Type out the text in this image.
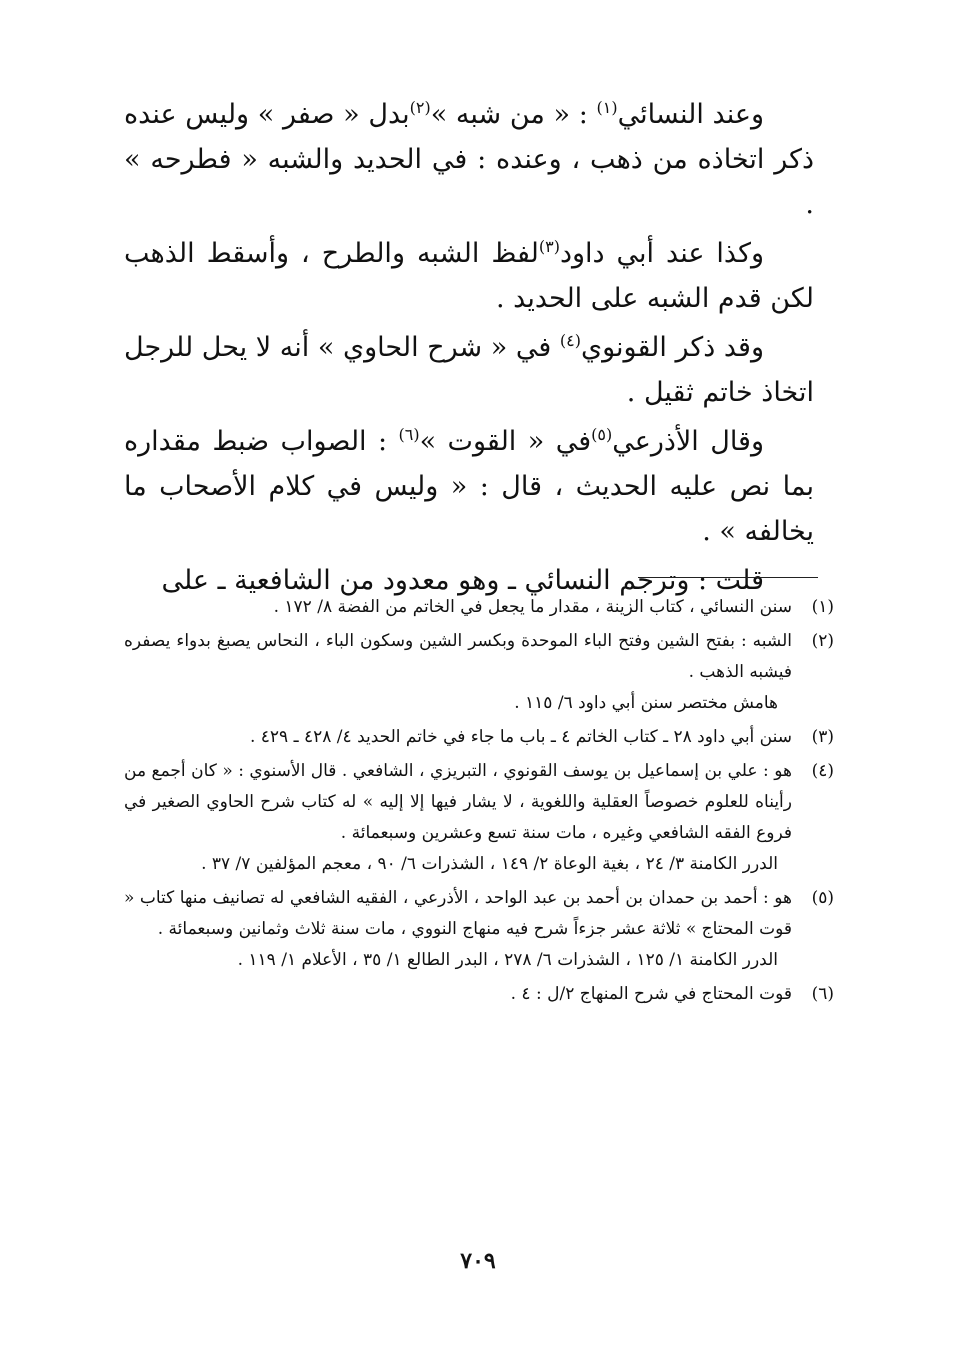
وعند النسائي$^{(١)}$ : « من شبه »$^{(٢)}$بدل « صفر » وليس عنده ذكر اتخاذه من ذهب ، وعنده : في الحديد والشبه « فطرحه » .

وكذا عند أبي داود$^{(٣)}$لفظ الشبه والطرح ، وأسقط الذهب لكن قدم الشبه على الحديد .

وقد ذكر القونوي$^{(٤)}$ في « شرح الحاوي » أنه لا يحل للرجل اتخاذ خاتم ثقيل .

وقال الأذرعي$^{(٥)}$في « القوت »$^{(٦)}$ : الصواب ضبط مقداره بما نص عليه الحديث ، قال : « وليس في كلام الأصحاب ما يخالفه » .

قلت : وترجم النسائي ـ وهو معدود من الشافعية ـ على

(١)
سنن النسائي ، كتاب الزينة ، مقدار ما يجعل في الخاتم من الفضة ٨/ ١٧٢ .
(٢)
الشبه : بفتح الشين وفتح الباء الموحدة وبكسر الشين وسكون الباء ، النحاس يصبغ بدواء يصفره فيشبه الذهب .
هامش مختصر سنن أبي داود ٦/ ١١٥ .
(٣)
سنن أبي داود ٢٨ ـ كتاب الخاتم ٤ ـ باب ما جاء في خاتم الحديد ٤/ ٤٢٨ ـ ٤٢٩ .
(٤)
هو : علي بن إسماعيل بن يوسف القونوي ، التبريزي ، الشافعي . قال الأسنوي : « كان أجمع من رأيناه للعلوم خصوصاً العقلية واللغوية ، لا يشار فيها إلا إليه » له كتاب شرح الحاوي الصغير في فروع الفقه الشافعي وغيره ، مات سنة تسع وعشرين وسبعمائة .
الدرر الكامنة ٣/ ٢٤ ، بغية الوعاة ٢/ ١٤٩ ، الشذرات ٦/ ٩٠ ، معجم المؤلفين ٧/ ٣٧ .
(٥)
هو : أحمد بن حمدان بن أحمد بن عبد الواحد ، الأذرعي ، الفقيه الشافعي له تصانيف منها كتاب « قوت المحتاج » ثلاثة عشر جزءاً شرح فيه منهاج النووي ، مات سنة ثلاث وثمانين وسبعمائة .
الدرر الكامنة ١/ ١٢٥ ، الشذرات ٦/ ٢٧٨ ، البدر الطالع ١/ ٣٥ ، الأعلام ١/ ١١٩ .
(٦)
قوت المحتاج في شرح المنهاج ٢/ل : ٤ .
٧٠٩
